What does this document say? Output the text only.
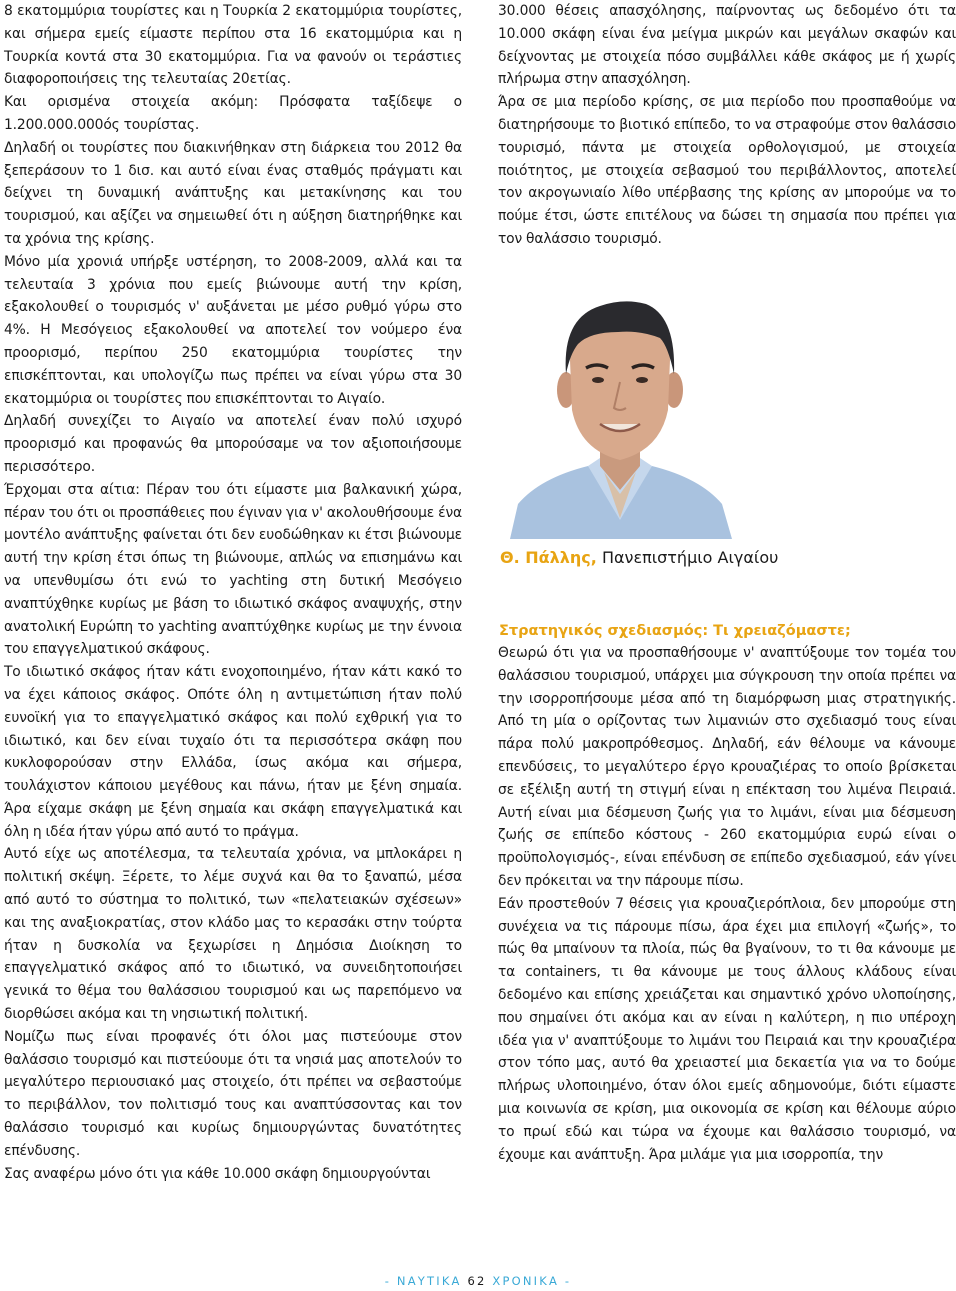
8 εκατομμύρια τουρίστες και η Τουρκία 2 εκατομμύρια τουρίστες, και σήμερα εμείς είμαστε περίπου στα 16 εκατομμύρια και η Τουρκία κοντά στα 30 εκατομμύρια. Για να φανούν οι τεράστιες διαφοροποιήσεις της τελευταίας 20ετίας.

Και ορισμένα στοιχεία ακόμη: Πρόσφατα ταξίδεψε ο 1.200.000.000ός τουρίστας.

Δηλαδή οι τουρίστες που διακινήθηκαν στη διάρκεια του 2012 θα ξεπεράσουν το 1 δισ. και αυτό είναι ένας σταθμός πράγματι και δείχνει τη δυναμική ανάπτυξης και μετακίνησης και του τουρισμού, και αξίζει να σημειωθεί ότι η αύξηση διατηρήθηκε και τα χρόνια της κρίσης.

Μόνο μία χρονιά υπήρξε υστέρηση, το 2008-2009, αλλά και τα τελευταία 3 χρόνια που εμείς βιώνουμε αυτή την κρίση, εξακολουθεί ο τουρισμός ν' αυξάνεται με μέσο ρυθμό γύρω στο 4%. Η Μεσόγειος εξακολουθεί να αποτελεί τον νούμερο ένα προορισμό, περίπου 250 εκατομμύρια τουρίστες την επισκέπτονται, και υπολογίζω πως πρέπει να είναι γύρω στα 30 εκατομμύρια οι τουρίστες που επισκέπτονται το Αιγαίο.

Δηλαδή συνεχίζει το Αιγαίο να αποτελεί έναν πολύ ισχυρό προορισμό και προφανώς θα μπορούσαμε να τον αξιοποιήσουμε περισσότερο.

Έρχομαι στα αίτια: Πέραν του ότι είμαστε μια βαλκανική χώρα, πέραν του ότι οι προσπάθειες που έγιναν για ν' ακολουθήσουμε ένα μοντέλο ανάπτυξης φαίνεται ότι δεν ευοδώθηκαν κι έτσι βιώνουμε αυτή την κρίση έτσι όπως τη βιώνουμε, απλώς να επισημάνω και να υπενθυμίσω ότι ενώ το yachting στη δυτική Μεσόγειο αναπτύχθηκε κυρίως με βάση το ιδιωτικό σκάφος αναψυχής, στην ανατολική Ευρώπη το yachting αναπτύχθηκε κυρίως με την έννοια του επαγγελματικού σκάφους.

Το ιδιωτικό σκάφος ήταν κάτι ενοχοποιημένο, ήταν κάτι κακό το να έχει κάποιος σκάφος. Οπότε όλη η αντιμετώπιση ήταν πολύ ευνοϊκή για το επαγγελματικό σκάφος και πολύ εχθρική για το ιδιωτικό, και δεν είναι τυχαίο ότι τα περισσότερα σκάφη που κυκλοφορούσαν στην Ελλάδα, ίσως ακόμα και σήμερα, τουλάχιστον κάποιου μεγέθους και πάνω, ήταν με ξένη σημαία. Άρα είχαμε σκάφη με ξένη σημαία και σκάφη επαγγελματικά και όλη η ιδέα ήταν γύρω από αυτό το πράγμα.

Αυτό είχε ως αποτέλεσμα, τα τελευταία χρόνια, να μπλοκάρει η πολιτική σκέψη. Ξέρετε, το λέμε συχνά και θα το ξαναπώ, μέσα από αυτό το σύστημα το πολιτικό, των «πελατειακών σχέσεων» και της αναξιοκρατίας, στον κλάδο μας το κερασάκι στην τούρτα ήταν η δυσκολία να ξεχωρίσει η Δημόσια Διοίκηση το επαγγελματικό σκάφος από το ιδιωτικό, να συνειδητοποιήσει γενικά το θέμα του θαλάσσιου τουρισμού και ως παρεπόμενο να διορθώσει ακόμα και τη νησιωτική πολιτική.

Νομίζω πως είναι προφανές ότι όλοι μας πιστεύουμε στον θαλάσσιο τουρισμό και πιστεύουμε ότι τα νησιά μας αποτελούν το μεγαλύτερο περιουσιακό μας στοιχείο, ότι πρέπει να σεβαστούμε το περιβάλλον, τον πολιτισμό τους και αναπτύσσοντας και τον θαλάσσιο τουρισμό και κυρίως δημιουργώντας δυνατότητες επένδυσης.

Σας αναφέρω μόνο ότι για κάθε 10.000 σκάφη δημιουργούνται

30.000 θέσεις απασχόλησης, παίρνοντας ως δεδομένο ότι τα 10.000 σκάφη είναι ένα μείγμα μικρών και μεγάλων σκαφών και δείχνοντας με στοιχεία πόσο συμβάλλει κάθε σκάφος με ή χωρίς πλήρωμα στην απασχόληση.

Άρα σε μια περίοδο κρίσης, σε μια περίοδο που προσπαθούμε να διατηρήσουμε το βιοτικό επίπεδο, το να στραφούμε στον θαλάσσιο τουρισμό, πάντα με στοιχεία ορθολογισμού, με στοιχεία ποιότητος, με στοιχεία σεβασμού του περιβάλλοντος, αποτελεί τον ακρογωνιαίο λίθο υπέρβασης της κρίσης αν μπορούμε να το πούμε έτσι, ώστε επιτέλους να δώσει τη σημασία που πρέπει για τον θαλάσσιο τουρισμό.

Θ. Πάλλης, Πανεπιστήμιο Αιγαίου
Στρατηγικός σχεδιασμός: Τι χρειαζόμαστε;

Θεωρώ ότι για να προσπαθήσουμε ν' αναπτύξουμε τον τομέα του θαλάσσιου τουρισμού, υπάρχει μια σύγκρουση την οποία πρέπει να την ισορροπήσουμε μέσα από τη διαμόρφωση μιας στρατηγικής. Από τη μία ο ορίζοντας των λιμανιών στο σχεδιασμό τους είναι πάρα πολύ μακροπρόθεσμος. Δηλαδή, εάν θέλουμε να κάνουμε επενδύσεις, το μεγαλύτερο έργο κρουαζιέρας το οποίο βρίσκεται σε εξέλιξη αυτή τη στιγμή είναι η επέκταση του λιμένα Πειραιά. Αυτή είναι μια δέσμευση ζωής για το λιμάνι, είναι μια δέσμευση ζωής σε επίπεδο κόστους - 260 εκατομμύρια ευρώ είναι ο προϋπολογισμός-, είναι επένδυση σε επίπεδο σχεδιασμού, εάν γίνει δεν πρόκειται να την πάρουμε πίσω.

Εάν προστεθούν 7 θέσεις για κρουαζιερόπλοια, δεν μπορούμε στη συνέχεια να τις πάρουμε πίσω, άρα έχει μια επιλογή «ζωής», το πώς θα μπαίνουν τα πλοία, πώς θα βγαίνουν, το τι θα κάνουμε με τα containers, τι θα κάνουμε με τους άλλους κλάδους είναι δεδομένο και επίσης χρειάζεται και σημαντικό χρόνο υλοποίησης, που σημαίνει ότι ακόμα και αν είναι η καλύτερη, η πιο υπέροχη ιδέα για ν' αναπτύξουμε το λιμάνι του Πειραιά και την κρουαζιέρα στον τόπο μας, αυτό θα χρειαστεί μια δεκαετία για να το δούμε πλήρως υλοποιημένο, όταν όλοι εμείς αδημονούμε, διότι είμαστε μια κοινωνία σε κρίση, μια οικονομία σε κρίση και θέλουμε αύριο το πρωί εδώ και τώρα να έχουμε και θαλάσσιο τουρισμό, να έχουμε και ανάπτυξη. Άρα μιλάμε για μια ισορροπία, την

- ΝΑΥΤΙΚΑ 62 ΧΡΟΝΙΚΑ -
